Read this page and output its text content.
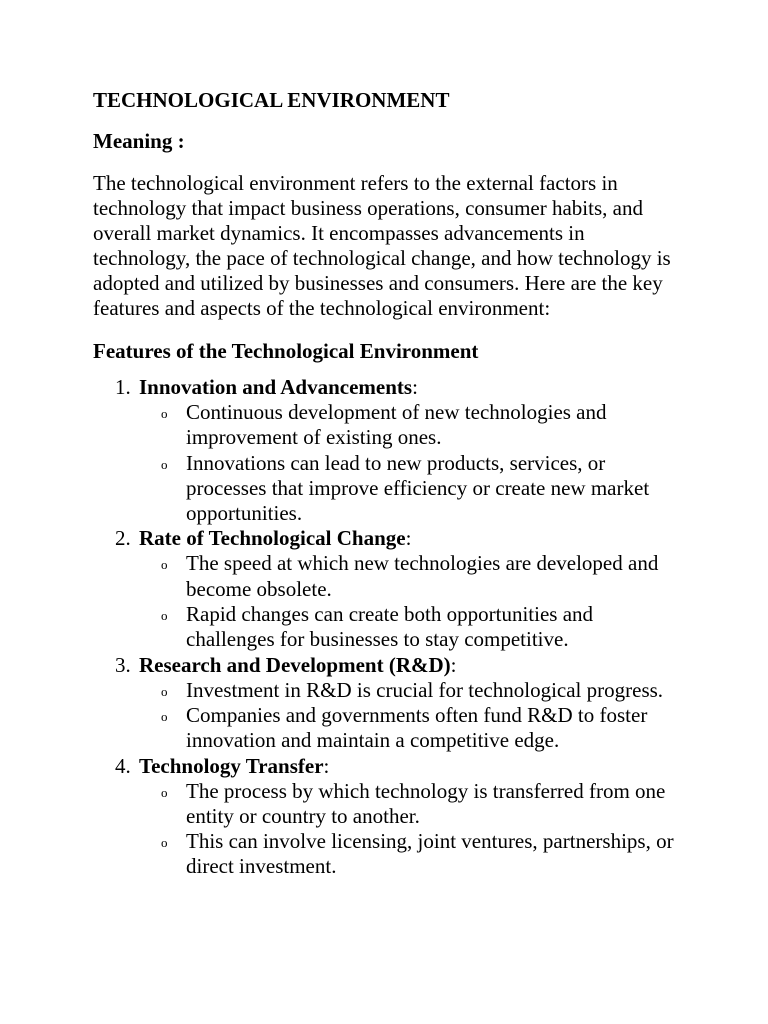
TECHNOLOGICAL ENVIRONMENT
Meaning :

The technological environment refers to the external factors in technology that impact business operations, consumer habits, and overall market dynamics. It encompasses advancements in technology, the pace of technological change, and how technology is adopted and utilized by businesses and consumers. Here are the key features and aspects of the technological environment:

Features of the Technological Environment
1. Innovation and Advancements:
o Continuous development of new technologies and improvement of existing ones.
o Innovations can lead to new products, services, or processes that improve efficiency or create new market opportunities.
2. Rate of Technological Change:
o The speed at which new technologies are developed and become obsolete.
o Rapid changes can create both opportunities and challenges for businesses to stay competitive.
3. Research and Development (R&D):
o Investment in R&D is crucial for technological progress.
o Companies and governments often fund R&D to foster innovation and maintain a competitive edge.
4. Technology Transfer:
o The process by which technology is transferred from one entity or country to another.
o This can involve licensing, joint ventures, partnerships, or direct investment.
